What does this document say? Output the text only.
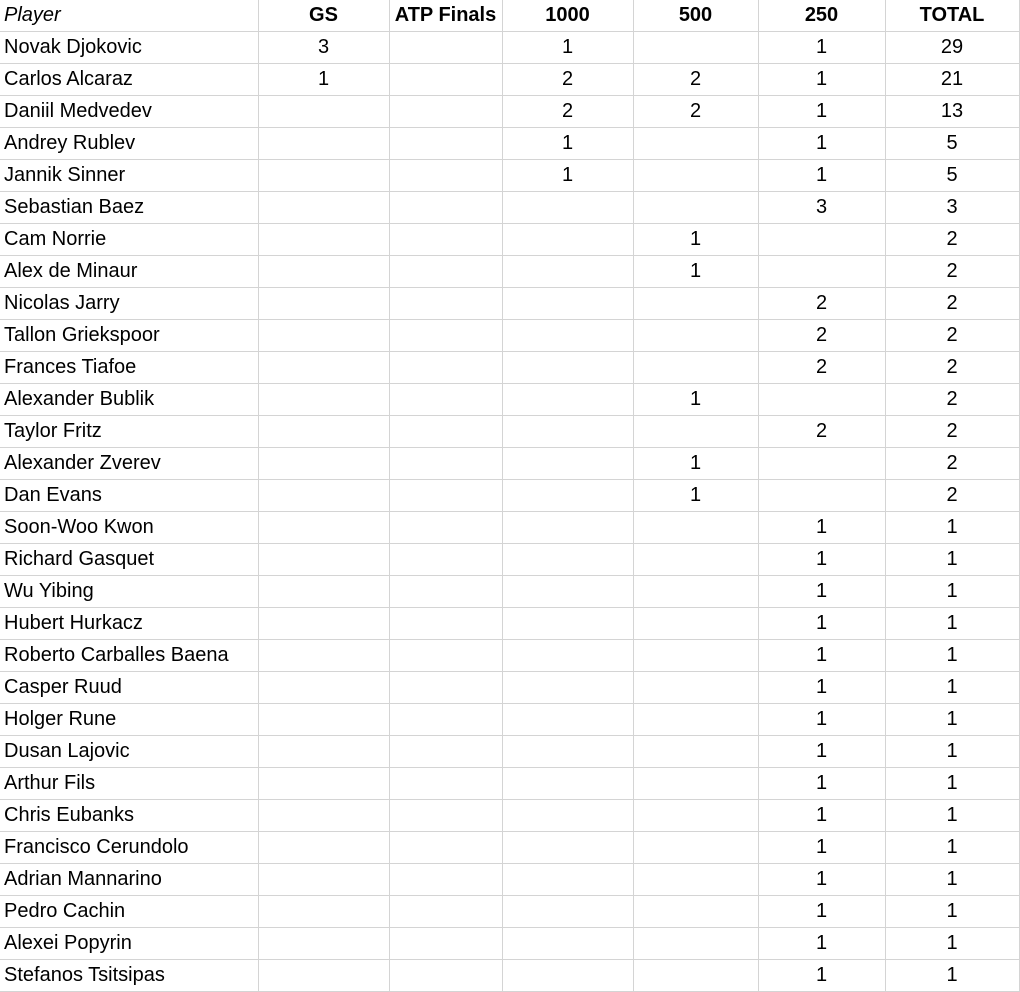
Player	GS	ATP Finals	1000	500	250	TOTAL
Novak Djokovic	3		1		1	29
Carlos Alcaraz	1		2	2	1	21
Daniil Medvedev			2	2	1	13
Andrey Rublev			1		1	5
Jannik Sinner			1		1	5
Sebastian Baez					3	3
Cam Norrie				1		2
Alex de Minaur				1		2
Nicolas Jarry					2	2
Tallon Griekspoor					2	2
Frances Tiafoe					2	2
Alexander Bublik				1		2
Taylor Fritz					2	2
Alexander Zverev				1		2
Dan Evans				1		2
Soon-Woo Kwon					1	1
Richard Gasquet					1	1
Wu Yibing					1	1
Hubert Hurkacz					1	1
Roberto Carballes Baena					1	1
Casper Ruud					1	1
Holger Rune					1	1
Dusan Lajovic					1	1
Arthur Fils					1	1
Chris Eubanks					1	1
Francisco Cerundolo					1	1
Adrian Mannarino					1	1
Pedro Cachin					1	1
Alexei Popyrin					1	1
Stefanos Tsitsipas					1	1
